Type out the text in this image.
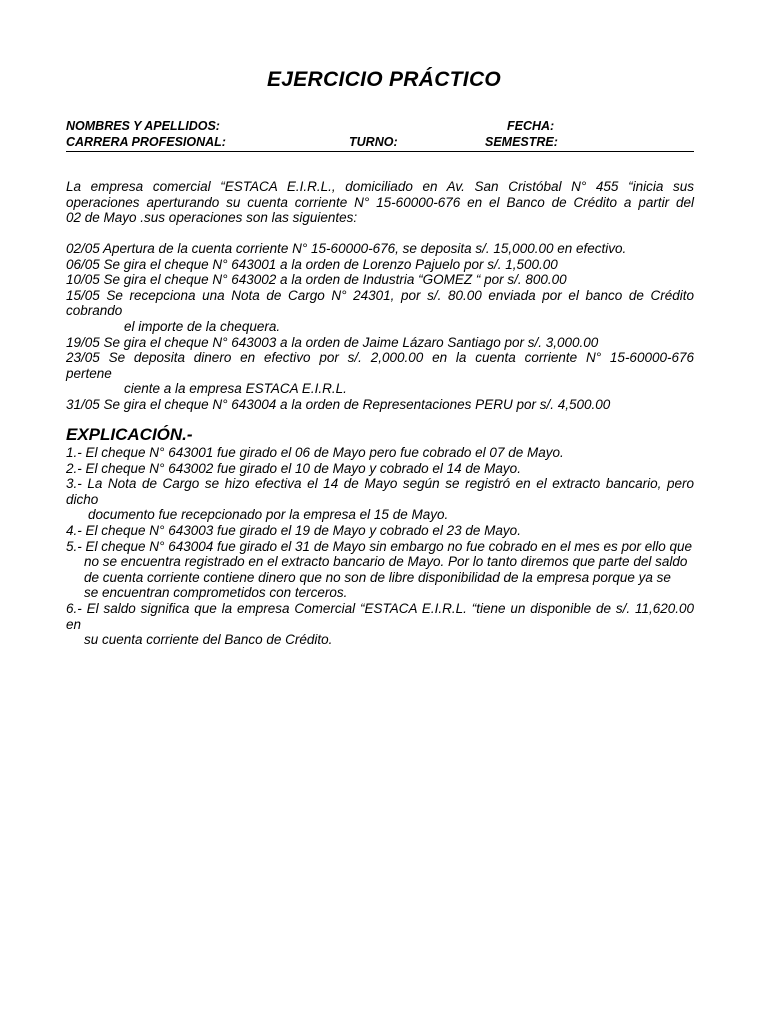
EJERCICIO PRÁCTICO
NOMBRES Y APELLIDOS:	FECHA:
CARRERA PROFESIONAL:	TURNO:	SEMESTRE:
La empresa comercial “ESTACA E.I.R.L., domiciliado en Av. San Cristóbal N° 455 “inicia sus
operaciones aperturando su cuenta corriente N° 15-60000-676 en el Banco de Crédito a partir del
02 de Mayo .sus operaciones son las siguientes:
02/05 Apertura de la cuenta corriente N° 15-60000-676, se deposita s/. 15,000.00 en efectivo.
06/05 Se gira el cheque N° 643001 a la orden de Lorenzo Pajuelo por s/. 1,500.00
10/05 Se gira el cheque N° 643002 a la orden de Industria “GOMEZ “ por s/. 800.00
15/05 Se recepciona una Nota de Cargo N° 24301, por s/. 80.00 enviada por el banco de Crédito
cobrando
el importe de la chequera.
19/05 Se gira el cheque N° 643003 a la orden de Jaime Lázaro Santiago por s/. 3,000.00
23/05 Se deposita dinero en efectivo por s/. 2,000.00 en la cuenta corriente N° 15-60000-676
pertene
ciente a la empresa ESTACA E.I.R.L.
31/05 Se gira el cheque N° 643004 a la orden de Representaciones PERU por s/. 4,500.00
EXPLICACIÓN.-
1.- El cheque N° 643001 fue girado el 06 de Mayo pero fue cobrado el 07 de Mayo.
2.- El cheque N° 643002 fue girado el 10 de Mayo y cobrado el 14 de Mayo.
3.- La Nota de Cargo se hizo efectiva el 14 de Mayo según se registró en el extracto bancario, pero
dicho
documento fue recepcionado por la empresa el 15 de Mayo.
4.- El cheque N° 643003 fue girado el 19 de Mayo y cobrado el 23 de Mayo.
5.- El cheque N° 643004 fue girado el 31 de Mayo sin embargo no fue cobrado en el mes es por ello que
no se encuentra registrado en el extracto bancario de Mayo. Por lo tanto diremos que parte del saldo
de cuenta corriente contiene dinero que no son de libre disponibilidad de la empresa porque ya se
se encuentran comprometidos con terceros.
6.- El saldo significa que la empresa Comercial “ESTACA E.I.R.L. “tiene un disponible de s/. 11,620.00
en
su cuenta corriente del Banco de Crédito.
